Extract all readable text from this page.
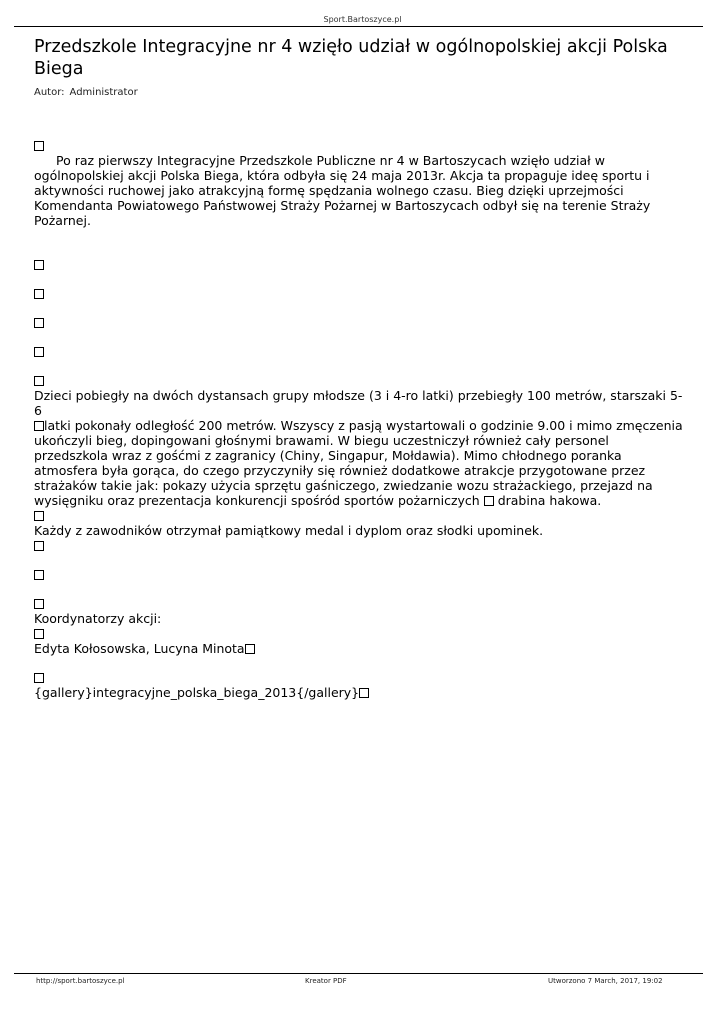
Sport.Bartoszyce.pl
Przedszkole Integracyjne nr 4 wzięło udział w ogólnopolskiej akcji Polska Biega
Autor: Administrator

Po raz pierwszy Integracyjne Przedszkole Publiczne nr 4 w Bartoszycach wzięło udział w ogólnopolskiej akcji Polska Biega, która odbyła się 24 maja 2013r. Akcja ta propaguje ideę sportu i aktywności ruchowej jako atrakcyjną formę spędzania wolnego czasu. Bieg dzięki uprzejmości Komendanta Powiatowego Państwowej Straży Pożarnej w Bartoszycach odbył się na terenie Straży Pożarnej.

Dzieci pobiegły na dwóch dystansach grupy młodsze (3 i 4-ro latki) przebiegły 100 metrów, starszaki 5-6
latki pokonały odległość 200 metrów. Wszyscy z pasją wystartowali o godzinie 9.00 i mimo zmęczenia ukończyli bieg, dopingowani głośnymi brawami. W biegu uczestniczył również cały personel przedszkola wraz z gośćmi z zagranicy (Chiny, Singapur, Mołdawia). Mimo chłodnego poranka atmosfera była gorąca, do czego przyczyniły się również dodatkowe atrakcje przygotowane przez strażaków takie jak: pokazy użycia sprzętu gaśniczego, zwiedzanie wozu strażackiego, przejazd na wysięgniku oraz prezentacja konkurencji spośród sportów pożarniczych drabina hakowa.

Każdy z zawodników otrzymał pamiątkowy medal i dyplom oraz słodki upominek.

Koordynatorzy akcji:

Edyta Kołosowska, Lucyna Minota

{gallery}integracyjne_polska_biega_2013{/gallery}

http://sport.bartoszyce.pl	Kreator PDF	Utworzono 7 March, 2017, 19:02
